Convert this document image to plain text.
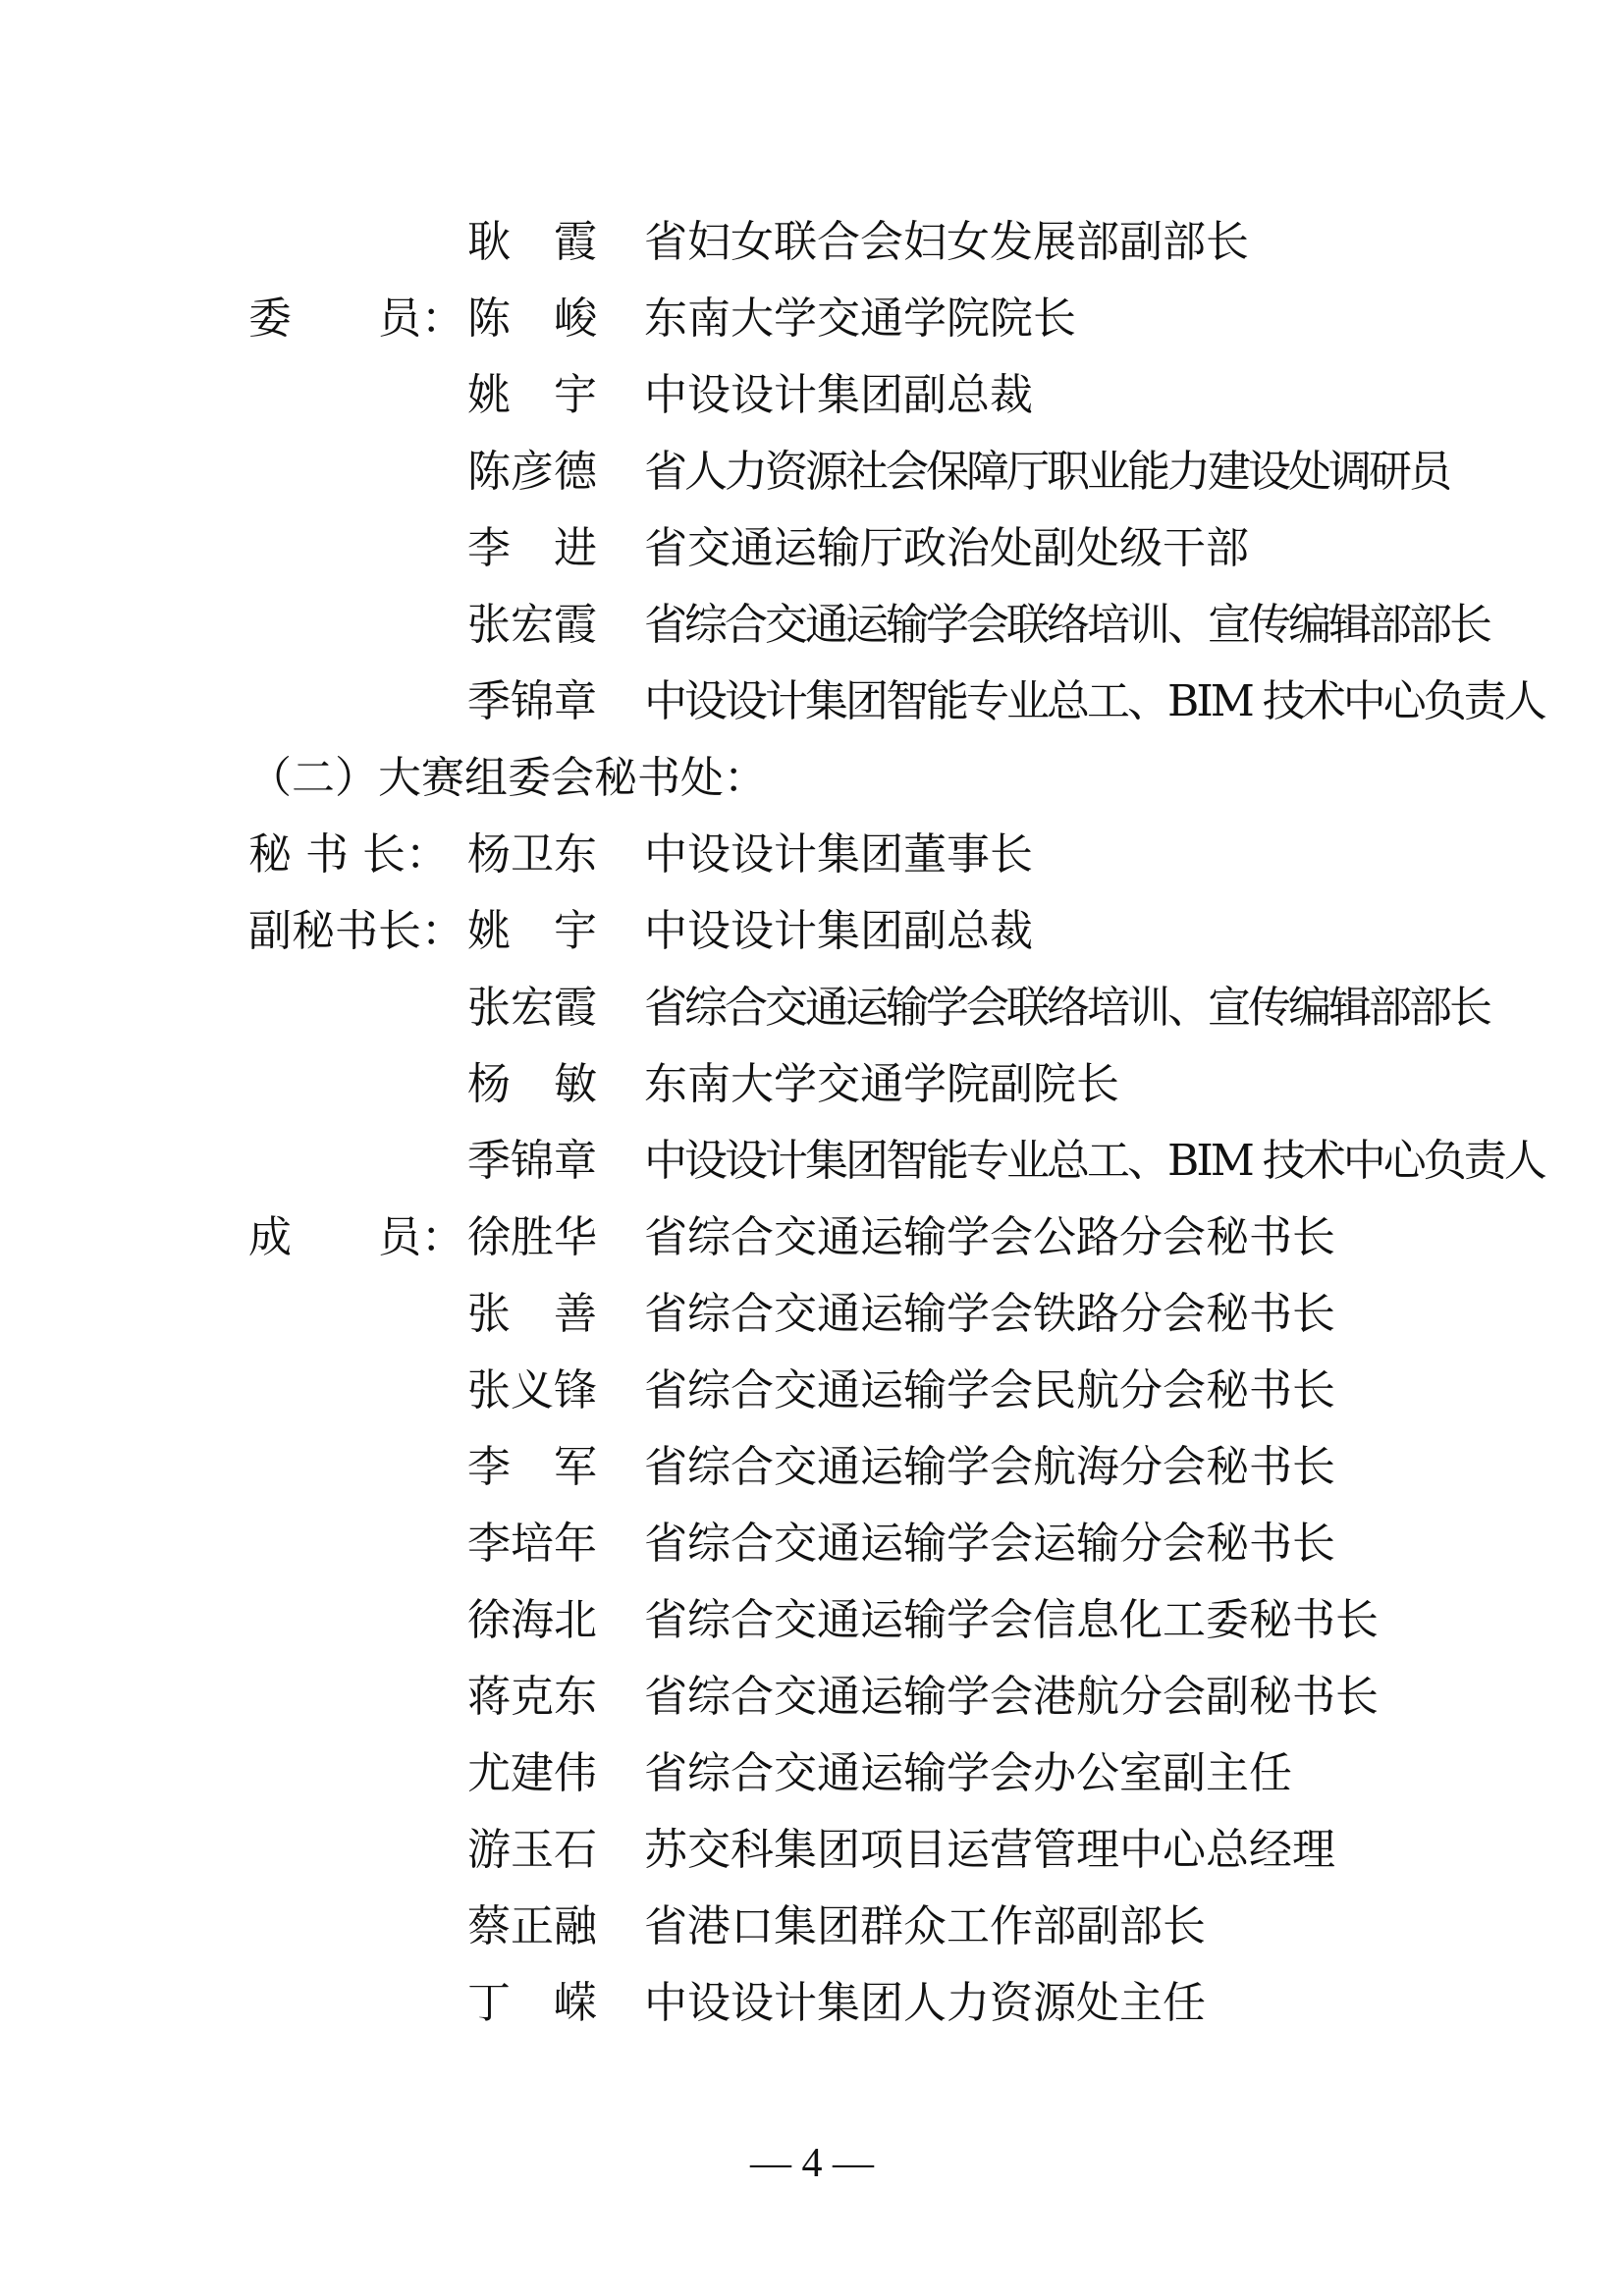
耿　霞 省妇女联合会妇女发展部副部长
委　　员： 陈　峻 东南大学交通学院院长
姚　宇 中设设计集团副总裁
陈彦德 省人力资源社会保障厅职业能力建设处调研员
李　进 省交通运输厅政治处副处级干部
张宏霞 省综合交通运输学会联络培训、宣传编辑部部长
季锦章 中设设计集团智能专业总工、BIM 技术中心负责人
（二）大赛组委会秘书处：
秘 书 长： 杨卫东 中设设计集团董事长
副秘书长： 姚　宇 中设设计集团副总裁
张宏霞 省综合交通运输学会联络培训、宣传编辑部部长
杨　敏 东南大学交通学院副院长
季锦章 中设设计集团智能专业总工、BIM 技术中心负责人
成　　员： 徐胜华 省综合交通运输学会公路分会秘书长
张　善 省综合交通运输学会铁路分会秘书长
张义锋 省综合交通运输学会民航分会秘书长
李　军 省综合交通运输学会航海分会秘书长
李培年 省综合交通运输学会运输分会秘书长
徐海北 省综合交通运输学会信息化工委秘书长
蒋克东 省综合交通运输学会港航分会副秘书长
尤建伟 省综合交通运输学会办公室副主任
游玉石 苏交科集团项目运营管理中心总经理
蔡正融 省港口集团群众工作部副部长
丁　嵘 中设设计集团人力资源处主任
— 4 —
